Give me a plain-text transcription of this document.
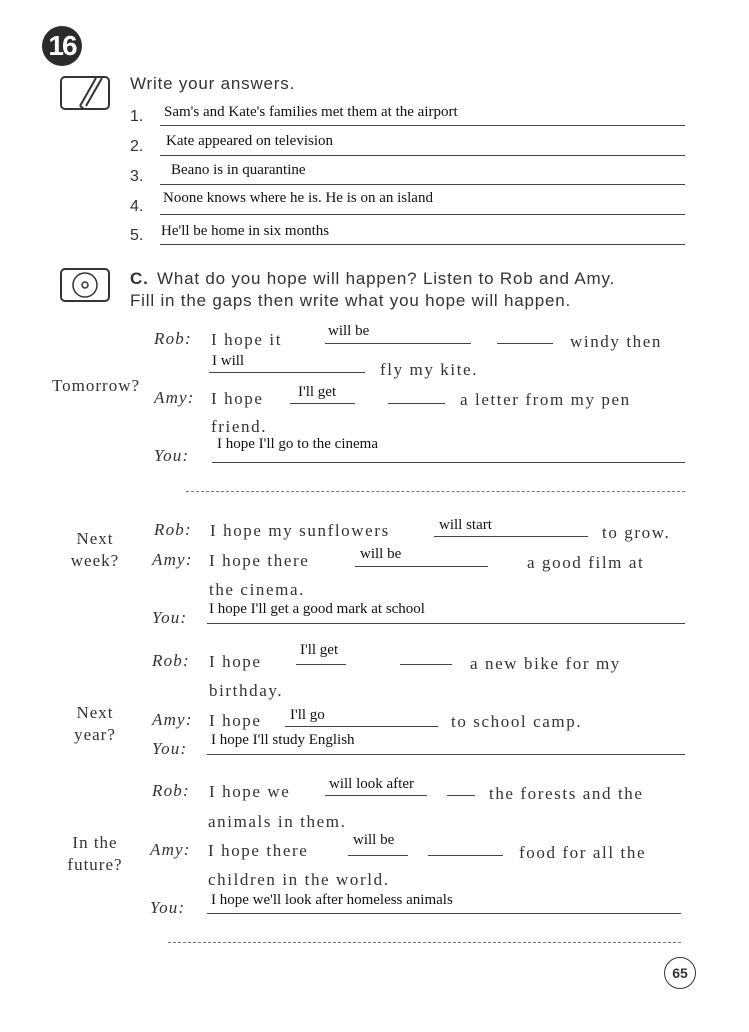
16
Write your answers.
1. Sam's and Kate's families met them at the airport
2. Kate appeared on television
3. Beano is in quarantine
4. Noone knows where he is. He is on an island
5. He'll be home in six months
C. What do you hope will happen? Listen to Rob and Amy.
Fill in the gaps then write what you hope will happen.
Tomorrow?
Rob: I hope it	will be
windy then
I will	fly my kite.
Amy: I hope I'll get	a letter from my pen
friend.
You:
I hope I'll go to the cinema
Next
week?
Rob: I hope my sunflowers	will start	to grow.
Amy: I hope there	will be	a good film at
the cinema.
You: I hope I'll get a good mark at school
Next
year?
Rob: I hope
I'll get
a new bike for my
birthday.
Amy: I hope I'll go	to school camp.
You: I hope I'll study English
In the
future?
Rob: I hope we	will look after	the forests and the
animals in them.
Amy: I hope there
will be
food for all the
children in the world.
You: I hope we'll look after homeless animals
65
